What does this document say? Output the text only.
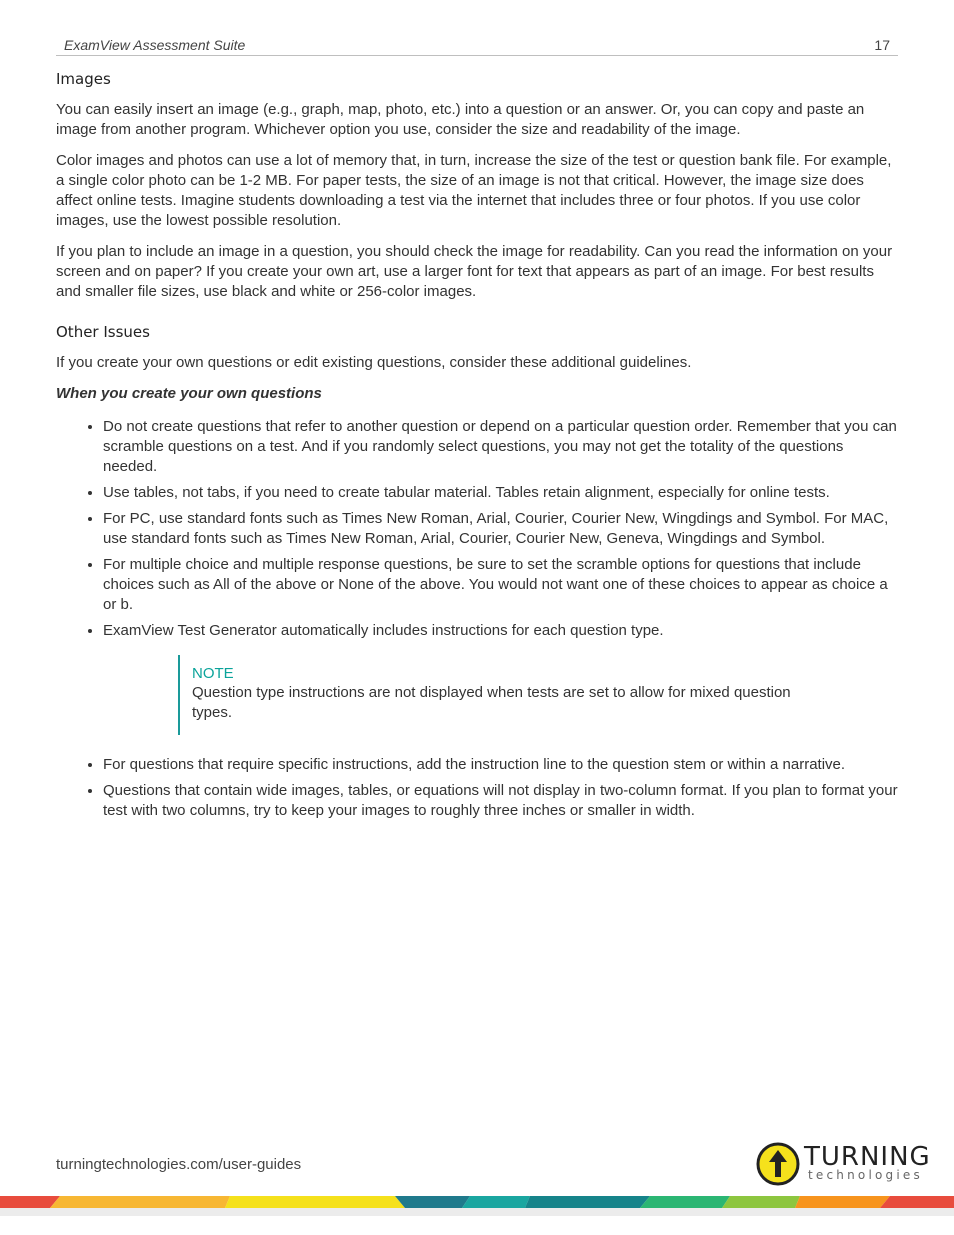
ExamView Assessment Suite	17
Images

You can easily insert an image (e.g., graph, map, photo, etc.) into a question or an answer. Or, you can copy and paste an image from another program. Whichever option you use, consider the size and readability of the image.

Color images and photos can use a lot of memory that, in turn, increase the size of the test or question bank file. For example, a single color photo can be 1-2 MB. For paper tests, the size of an image is not that critical. However, the image size does affect online tests. Imagine students downloading a test via the internet that includes three or four photos. If you use color images, use the lowest possible resolution.

If you plan to include an image in a question, you should check the image for readability. Can you read the information on your screen and on paper? If you create your own art, use a larger font for text that appears as part of an image. For best results and smaller file sizes, use black and white or 256-color images.

Other Issues

If you create your own questions or edit existing questions, consider these additional guidelines.

When you create your own questions
Do not create questions that refer to another question or depend on a particular question order. Remember that you can scramble questions on a test. And if you randomly select questions, you may not get the totality of the questions needed.
Use tables, not tabs, if you need to create tabular material. Tables retain alignment, especially for online tests.
For PC, use standard fonts such as Times New Roman, Arial, Courier, Courier New, Wingdings and Symbol. For MAC, use standard fonts such as Times New Roman, Arial, Courier, Courier New, Geneva, Wingdings and Symbol.
For multiple choice and multiple response questions, be sure to set the scramble options for questions that include choices such as All of the above or None of the above. You would not want one of these choices to appear as choice a or b.
ExamView Test Generator automatically includes instructions for each question type.
NOTE
Question type instructions are not displayed when tests are set to allow for mixed question types.
For questions that require specific instructions, add the instruction line to the question stem or within a narrative.
Questions that contain wide images, tables, or equations will not display in two-column format. If you plan to format your test with two columns, try to keep your images to roughly three inches or smaller in width.
turningtechnologies.com/user-guides	TURNING
technologies
